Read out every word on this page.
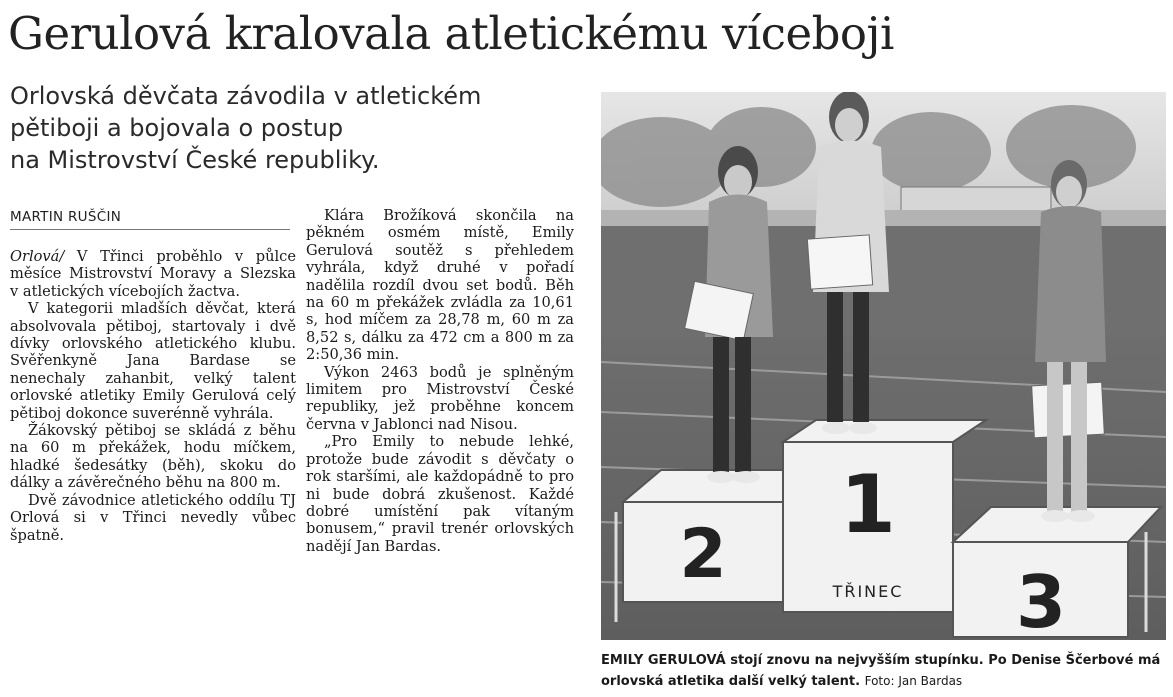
Gerulová kralovala atletickému víceboji
Orlovská děvčata závodila v atletickém
pětiboji a bojovala o postup
na Mistrovství České republiky.
MARTIN RUŠČIN

Orlová/ V Třinci proběhlo v půlce měsíce Mistrovství Moravy a Slezska v atletických vícebojích žactva.

V kategorii mladších děvčat, která absolvovala pětiboj, startovaly i dvě dívky orlovského atletického klubu. Svěřenkyně Jana Bardase se nenechaly zahanbit, velký talent orlovské atletiky Emily Gerulová celý pětiboj dokonce suverénně vyhrála.

Žákovský pětiboj se skládá z běhu na 60 m překážek, hodu míčkem, hladké šedesátky (běh), skoku do dálky a závěrečného běhu na 800 m.

Dvě závodnice atletického oddílu TJ Orlová si v Třinci nevedly vůbec špatně.

Klára Brožíková skončila na pěkném osmém místě, Emily Gerulová soutěž s přehledem vyhrála, když druhé v pořadí nadělila rozdíl dvou set bodů. Běh na 60 m překážek zvládla za 10,61 s, hod míčem za 28,78 m, 60 m za 8,52 s, dálku za 472 cm a 800 m za 2:50,36 min.

Výkon 2463 bodů je splněným limitem pro Mistrovství České republiky, jež proběhne koncem června v Jablonci nad Nisou.

„Pro Emily to nebude lehké, protože bude závodit s děvčaty o rok staršími, ale každopádně to pro ni bude dobrá zkušenost. Každé dobré umístění pak vítaným bonusem,“ pravil trenér orlovských nadějí Jan Bardas.	2
1
3
TŘINEC
EMILY GERULOVÁ stojí znovu na nejvyšším stupínku. Po Denise Ščerbové má orlovská atletika další velký talent. Foto: Jan Bardas
